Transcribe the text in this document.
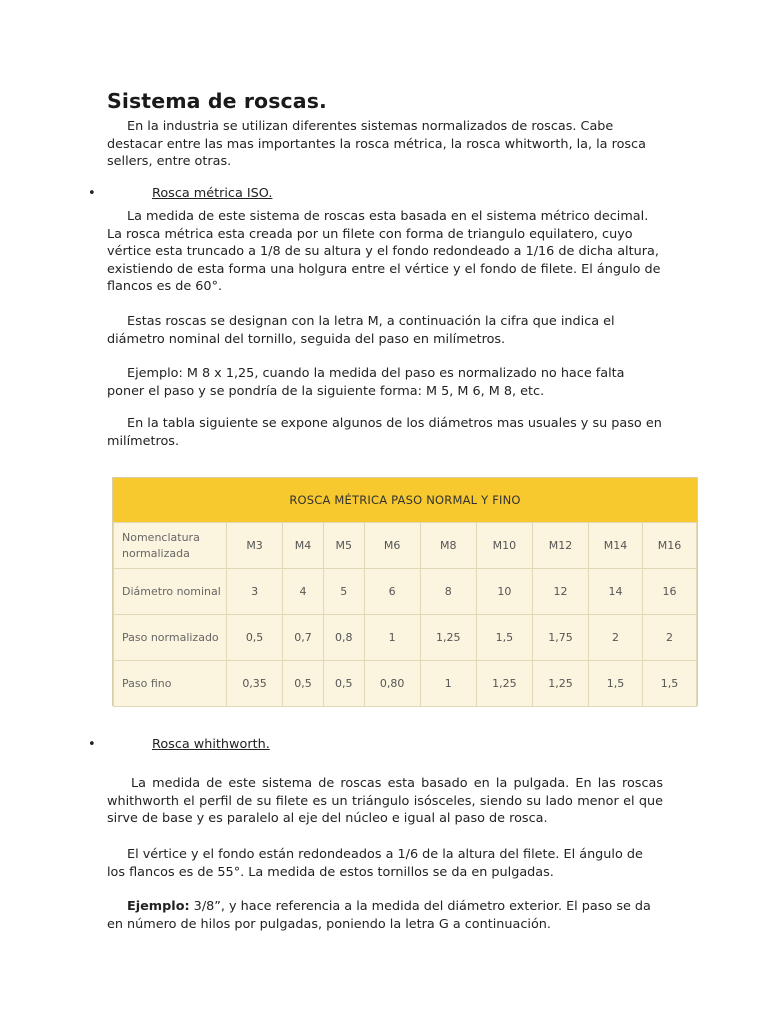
Sistema de roscas.

En la industria se utilizan diferentes sistemas normalizados de roscas. Cabe destacar entre las mas importantes la rosca métrica, la rosca whitworth, la, la rosca sellers, entre otras.

•	Rosca métrica ISO.

La medida de este sistema de roscas esta basada en el sistema métrico decimal. La rosca métrica esta creada por un filete con forma de triangulo equilatero, cuyo vértice esta truncado a 1/8 de su altura y el fondo redondeado a 1/16 de dicha altura, existiendo de esta forma una holgura entre el vértice y el fondo de filete. El ángulo de flancos es de 60°.

Estas roscas se designan con la letra M, a continuación la cifra que indica el diámetro nominal del tornillo, seguida del paso en milímetros.

Ejemplo: M 8 x 1,25, cuando la medida del paso es normalizado no hace falta poner el paso y se pondría de la siguiente forma: M 5, M 6, M 8, etc.

En la tabla siguiente se expone algunos de los diámetros mas usuales y su paso en milímetros.

ROSCA MÉTRICA PASO NORMAL Y FINO
Nomenclatura normalizada	M3	M4	M5	M6	M8	M10	M12	M14	M16
Diámetro nominal	3	4	5	6	8	10	12	14	16
Paso normalizado	0,5	0,7	0,8	1	1,25	1,5	1,75	2	2
Paso fino	0,35	0,5	0,5	0,80	1	1,25	1,25	1,5	1,5
•	Rosca whithworth.

La medida de este sistema de roscas esta basado en la pulgada. En las roscas whithworth el perfil de su filete es un triángulo isósceles, siendo su lado menor el que sirve de base y es paralelo al eje del núcleo e igual al paso de rosca.

El vértice y el fondo están redondeados a 1/6 de la altura del filete. El ángulo de los flancos es de 55°. La medida de estos tornillos se da en pulgadas.

Ejemplo: 3/8”, y hace referencia a la medida del diámetro exterior. El paso se da en número de hilos por pulgadas, poniendo la letra G a continuación.
